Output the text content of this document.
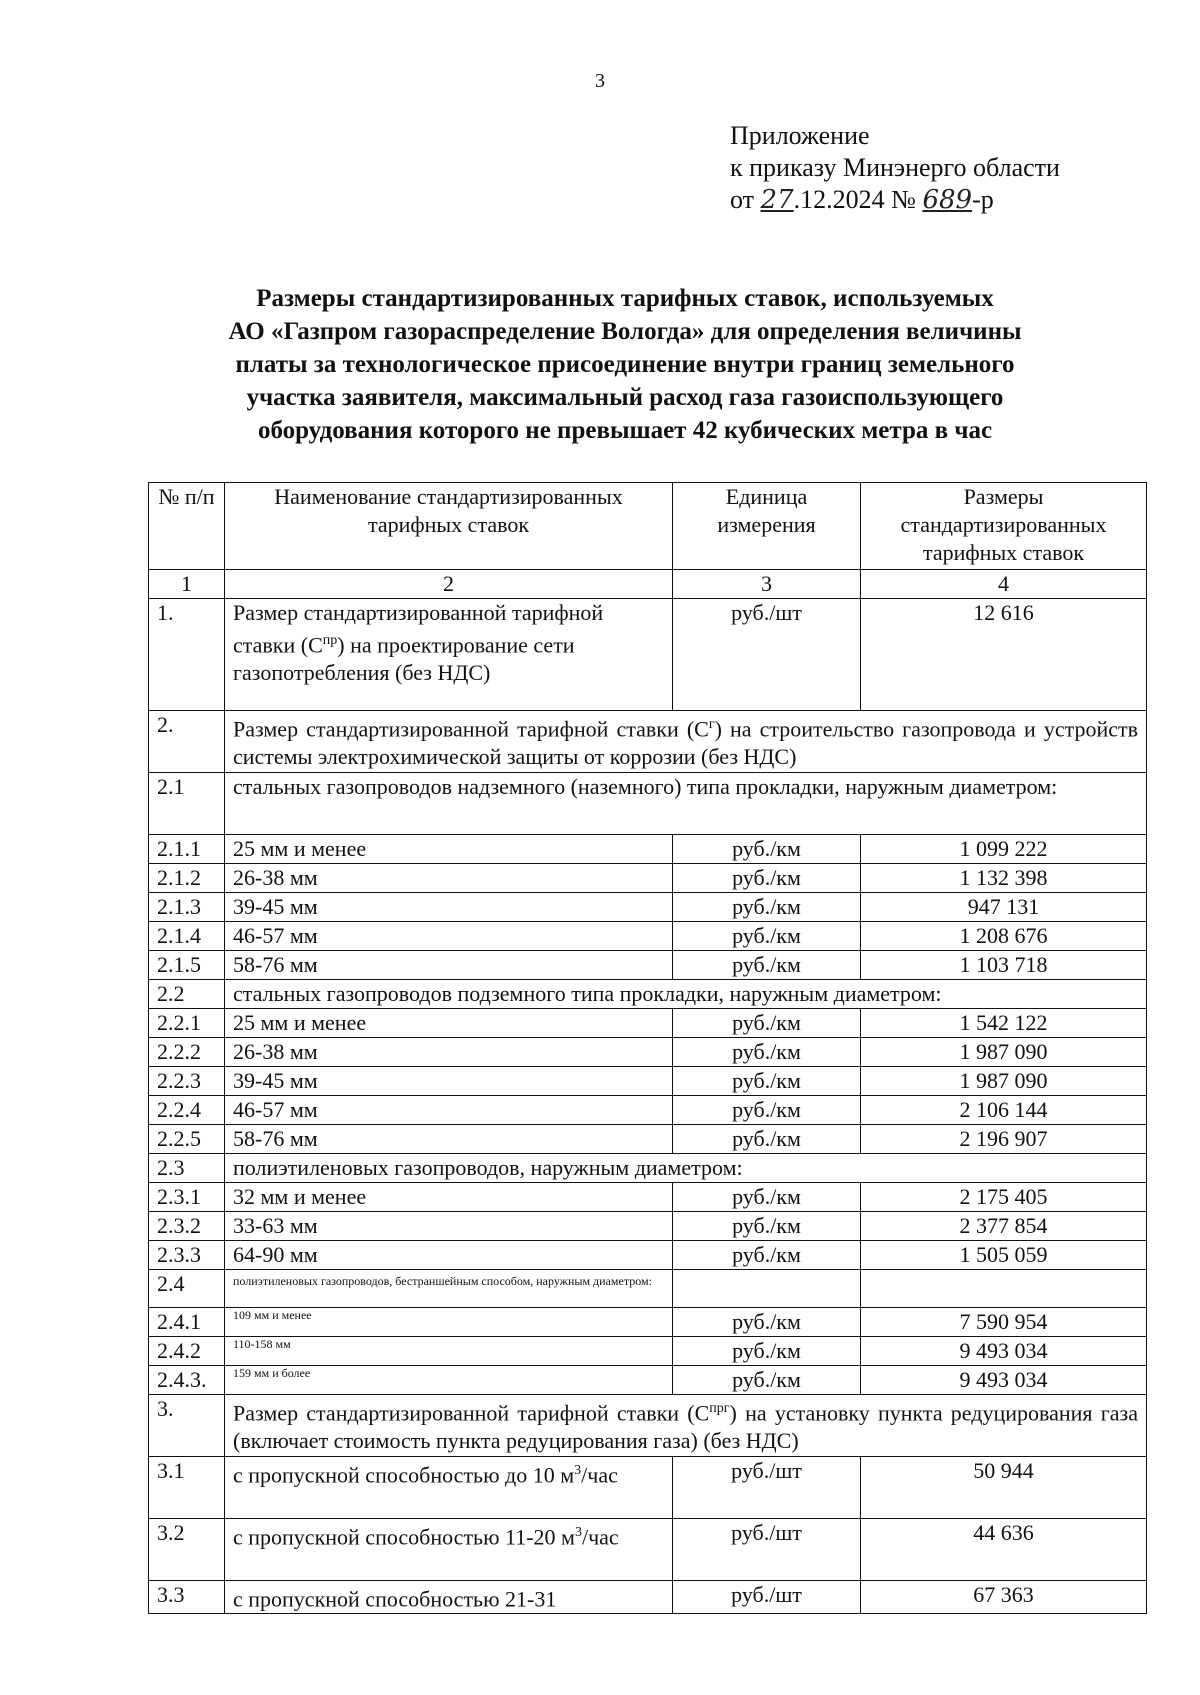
3
Приложение
к приказу Минэнерго области
от 27.12.2024 № 689-р
Размеры стандартизированных тарифных ставок, используемых
АО «Газпром газораспределение Вологда» для определения величины
платы за технологическое присоединение внутри границ земельного
участка заявителя, максимальный расход газа газоиспользующего
оборудования которого не превышает 42 кубических метра в час
№ п/п	Наименование стандартизированных тарифных ставок	Единица измерения	Размеры стандартизированных тарифных ставок
1	2	3	4
1.	Размер стандартизированной тарифной ставки $(С^{пр})$ на проектирование сети газопотребления (без НДС)	руб./шт	12 616
2.	Размер стандартизированной тарифной ставки $(С^г)$ на строительство газопровода и устройств системы электрохимической защиты от коррозии (без НДС)		
2.1	стальных газопроводов надземного (наземного) типа прокладки, наружным диаметром:		
2.1.1	25 мм и менее	руб./км	1 099 222
2.1.2	26-38 мм	руб./км	1 132 398
2.1.3	39-45 мм	руб./км	947 131
2.1.4	46-57 мм	руб./км	1 208 676
2.1.5	58-76 мм	руб./км	1 103 718
2.2	стальных газопроводов подземного типа прокладки, наружным диаметром:		
2.2.1	25 мм и менее	руб./км	1 542 122
2.2.2	26-38 мм	руб./км	1 987 090
2.2.3	39-45 мм	руб./км	1 987 090
2.2.4	46-57 мм	руб./км	2 106 144
2.2.5	58-76 мм	руб./км	2 196 907
2.3	полиэтиленовых газопроводов, наружным диаметром:		
2.3.1	32 мм и менее	руб./км	2 175 405
2.3.2	33-63 мм	руб./км	2 377 854
2.3.3	64-90 мм	руб./км	1 505 059
2.4	полиэтиленовых газопроводов, бестраншейным способом, наружным диаметром:		
2.4.1	109 мм и менее	руб./км	7 590 954
2.4.2	110-158 мм	руб./км	9 493 034
2.4.3.	159 мм и более	руб./км	9 493 034
3.	Размер стандартизированной тарифной ставки $(С^{прг})$ на установку пункта редуцирования газа (включает стоимость пункта редуцирования газа) (без НДС)		
3.1	с пропускной способностью до 10 $м^3$/час	руб./шт	50 944
3.2	с пропускной способностью 11-20 $м^3$/час	руб./шт	44 636
3.3	с пропускной способностью 21-31	руб./шт	67 363
